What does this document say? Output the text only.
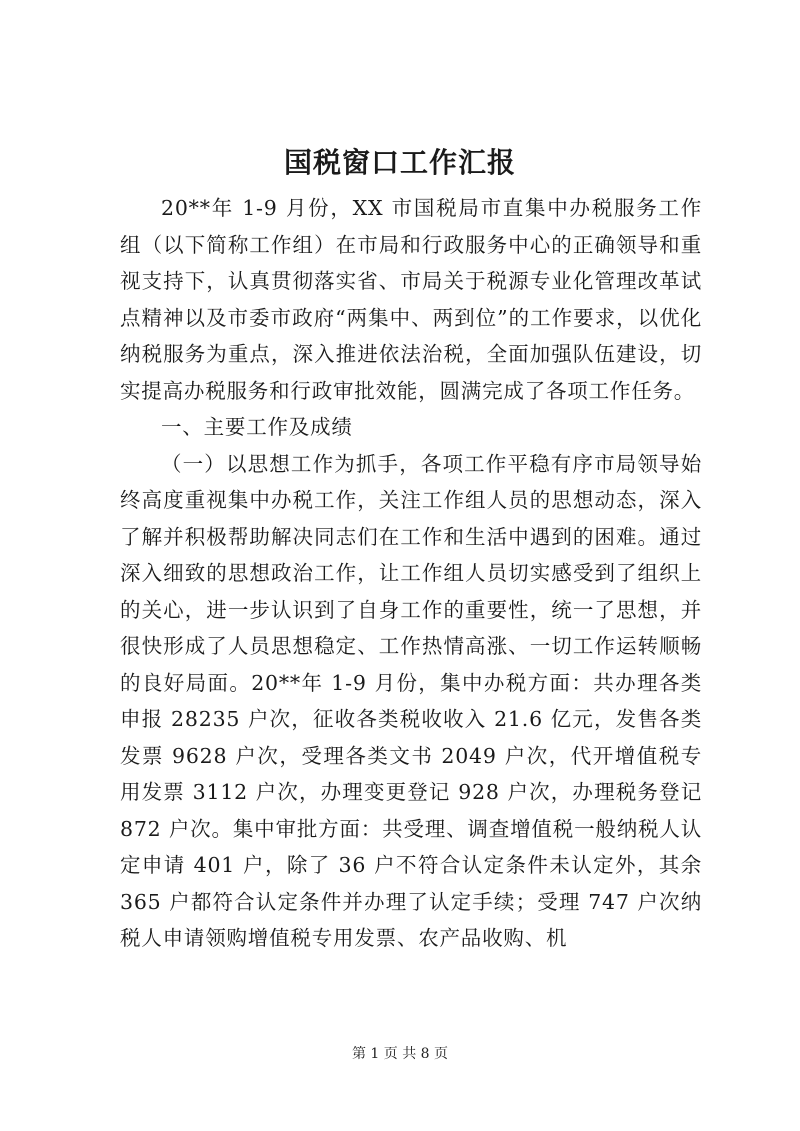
国税窗口工作汇报

20**年 1-9 月份，XX 市国税局市直集中办税服务工作组（以下简称工作组）在市局和行政服务中心的正确领导和重视支持下，认真贯彻落实省、市局关于税源专业化管理改革试点精神以及市委市政府“两集中、两到位”的工作要求，以优化纳税服务为重点，深入推进依法治税，全面加强队伍建设，切实提高办税服务和行政审批效能，圆满完成了各项工作任务。

一、主要工作及成绩

（一）以思想工作为抓手，各项工作平稳有序市局领导始终高度重视集中办税工作，关注工作组人员的思想动态，深入了解并积极帮助解决同志们在工作和生活中遇到的困难。通过深入细致的思想政治工作，让工作组人员切实感受到了组织上的关心，进一步认识到了自身工作的重要性，统一了思想，并很快形成了人员思想稳定、工作热情高涨、一切工作运转顺畅的良好局面。20**年 1-9 月份，集中办税方面：共办理各类申报 28235 户次，征收各类税收收入 21.6 亿元，发售各类发票 9628 户次，受理各类文书 2049 户次，代开增值税专用发票 3112 户次，办理变更登记 928 户次，办理税务登记 872 户次。集中审批方面：共受理、调查增值税一般纳税人认定申请 401 户，除了 36 户不符合认定条件未认定外，其余 365 户都符合认定条件并办理了认定手续；受理 747 户次纳税人申请领购增值税专用发票、农产品收购、机

第 1 页 共 8 页
